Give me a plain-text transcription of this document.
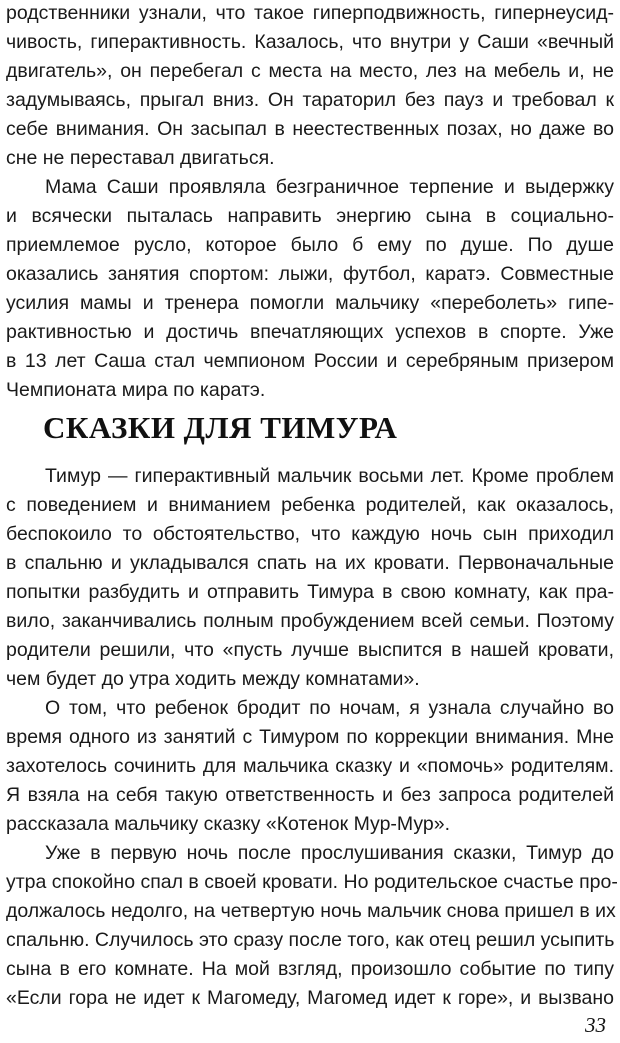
родственники узнали, что такое гиперподвижность, гипернеусид-
чивость, гиперактивность. Казалось, что внутри у Саши «вечный
двигатель», он перебегал с места на место, лез на мебель и, не
задумываясь, прыгал вниз. Он тараторил без пауз и требовал к
себе внимания. Он засыпал в неестественных позах, но даже во
сне не переставал двигаться.
Мама Саши проявляла безграничное терпение и выдержку
и всячески пыталась направить энергию сына в социально-
приемлемое русло, которое было б ему по душе. По душе
оказались занятия спортом: лыжи, футбол, каратэ. Совместные
усилия мамы и тренера помогли мальчику «переболеть» гипе-
рактивностью и достичь впечатляющих успехов в спорте. Уже
в 13 лет Саша стал чемпионом России и серебряным призером
Чемпионата мира по каратэ.
СКАЗКИ ДЛЯ ТИМУРА
Тимур — гиперактивный мальчик восьми лет. Кроме проблем
с поведением и вниманием ребенка родителей, как оказалось,
беспокоило то обстоятельство, что каждую ночь сын приходил
в спальню и укладывался спать на их кровати. Первоначальные
попытки разбудить и отправить Тимура в свою комнату, как пра-
вило, заканчивались полным пробуждением всей семьи. Поэтому
родители решили, что «пусть лучше выспится в нашей кровати,
чем будет до утра ходить между комнатами».
О том, что ребенок бродит по ночам, я узнала случайно во
время одного из занятий с Тимуром по коррекции внимания. Мне
захотелось сочинить для мальчика сказку и «помочь» родителям.
Я взяла на себя такую ответственность и без запроса родителей
рассказала мальчику сказку «Котенок Мур-Мур».
Уже в первую ночь после прослушивания сказки, Тимур до
утра спокойно спал в своей кровати. Но родительское счастье про-
должалось недолго, на четвертую ночь мальчик снова пришел в их
спальню. Случилось это сразу после того, как отец решил усыпить
сына в его комнате. На мой взгляд, произошло событие по типу
«Если гора не идет к Магомеду, Магомед идет к горе», и вызвано
33
